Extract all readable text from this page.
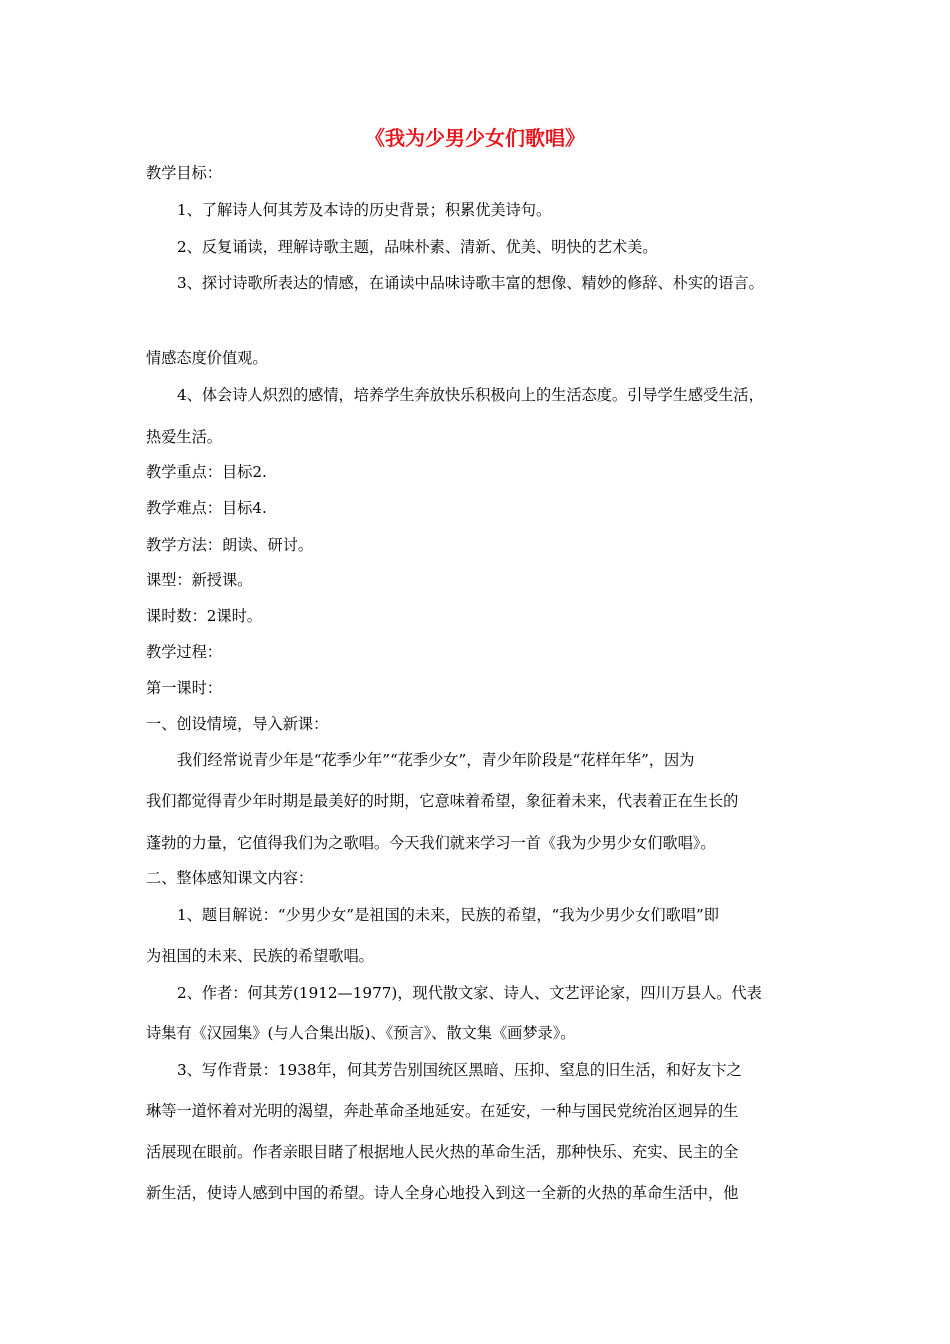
《我为少男少女们歌唱》
教学目标：
1、了解诗人何其芳及本诗的历史背景；积累优美诗句。
2、反复诵读，理解诗歌主题，品味朴素、清新、优美、明快的艺术美。
3、探讨诗歌所表达的情感，在诵读中品味诗歌丰富的想像、精妙的修辞、朴实的语言。
情感态度价值观。
4、体会诗人炽烈的感情，培养学生奔放快乐积极向上的生活态度。引导学生感受生活，
热爱生活。
教学重点：目标2.
教学难点：目标4.
教学方法：朗读、研讨。
课型：新授课。
课时数：2课时。
教学过程：
第一课时：
一、创设情境，导入新课：
我们经常说青少年是“花季少年”“花季少女”，青少年阶段是“花样年华”，因为
我们都觉得青少年时期是最美好的时期，它意味着希望，象征着未来，代表着正在生长的
蓬勃的力量，它值得我们为之歌唱。今天我们就来学习一首《我为少男少女们歌唱》。
二、整体感知课文内容：
1、题目解说：“少男少女”是祖国的未来，民族的希望，“我为少男少女们歌唱”即
为祖国的未来、民族的希望歌唱。
2、作者：何其芳(1912—1977)，现代散文家、诗人、文艺评论家，四川万县人。代表
诗集有《汉园集》(与人合集出版)、《预言》、散文集《画梦录》。
3、写作背景：1938年，何其芳告别国统区黑暗、压抑、窒息的旧生活，和好友卞之
琳等一道怀着对光明的渴望，奔赴革命圣地延安。在延安，一种与国民党统治区迥异的生
活展现在眼前。作者亲眼目睹了根据地人民火热的革命生活，那种快乐、充实、民主的全
新生活，使诗人感到中国的希望。诗人全身心地投入到这一全新的火热的革命生活中，他
